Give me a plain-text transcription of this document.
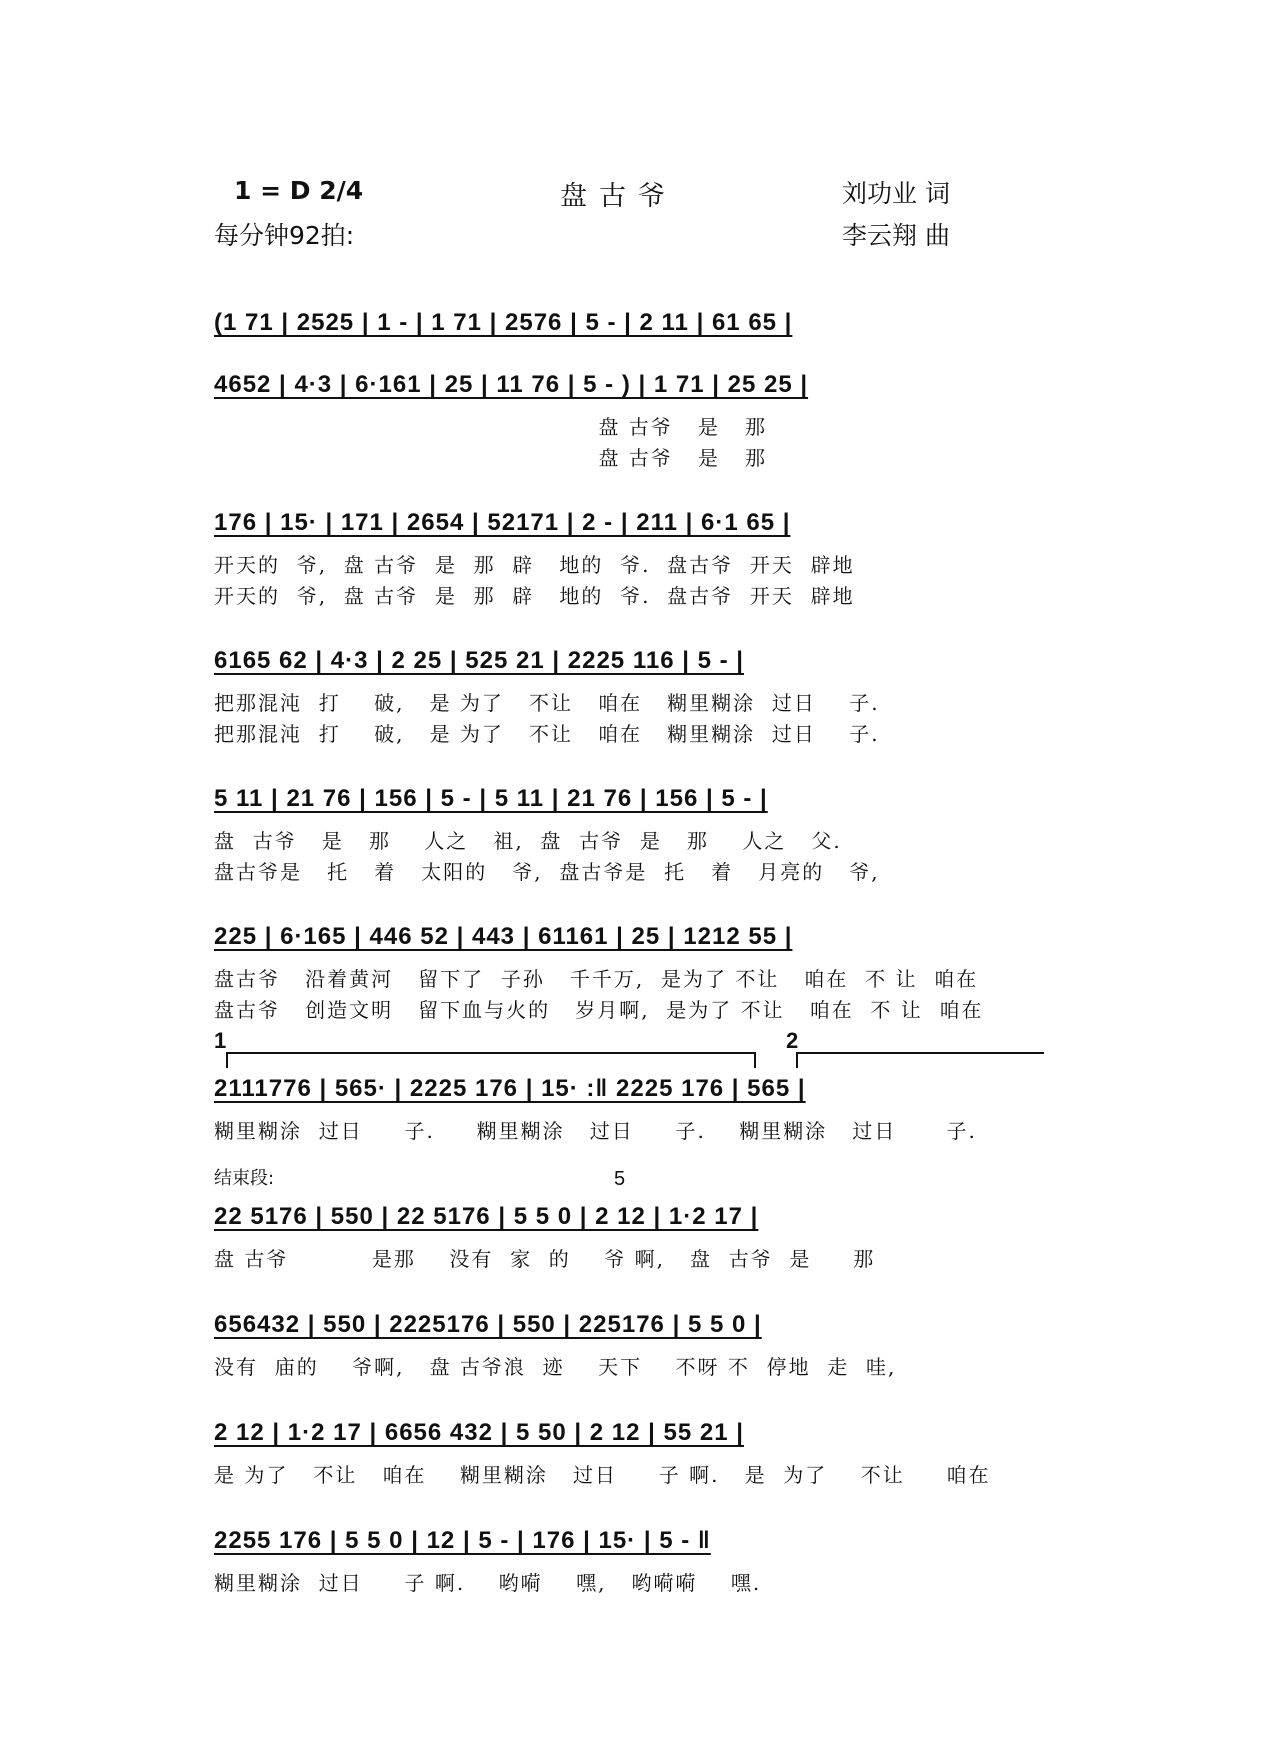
1 = D 2/4	盘古爷	刘功业 词
每分钟92拍:	李云翔 曲
(1 71 | 2525 | 1 - | 1 71 | 2576 | 5 - | 2 11 | 61 65 |
4652 | 4·3 | 6·161 | 25 | 11 76 | 5 - ) | 1 71 | 25 25 |
盘 古爷   是   那
盘 古爷   是   那
176 | 15· | 171 | 2654 | 52171 | 2 - | 211 | 6·1 65 |
开天的  爷,  盘 古爷  是  那  辟   地的  爷.  盘古爷  开天  辟地
开天的  爷,  盘 古爷  是  那  辟   地的  爷.  盘古爷  开天  辟地
6165 62 | 4·3 | 2 25 | 525 21 | 2225 116 | 5 - |
把那混沌  打    破,   是 为了   不让   咱在   糊里糊涂  过日    子.
把那混沌  打    破,   是 为了   不让   咱在   糊里糊涂  过日    子.
5 11 | 21 76 | 156 | 5 - | 5 11 | 21 76 | 156 | 5 - |
盘  古爷   是   那    人之   祖,  盘  古爷  是   那    人之   父.
盘古爷是   托   着   太阳的   爷,  盘古爷是  托   着   月亮的   爷,
225 | 6·165 | 446 52 | 443 | 61161 | 25 | 1212 55 |
盘古爷   沿着黄河   留下了  子孙   千千万,  是为了 不让   咱在  不 让  咱在
盘古爷   创造文明   留下血与火的   岁月啊,  是为了 不让   咱在  不 让  咱在
1	2
2111776 | 565· | 2225 176 | 15· :‖ 2225 176 | 565 |
糊里糊涂  过日     子.     糊里糊涂   过日     子.    糊里糊涂   过日      子.
结束段:	5
22 5176 | 550 | 22 5176 | 5 5 0 | 2 12 | 1·2 17 |
盘 古爷          是那    没有  家  的    爷 啊,   盘  古爷  是     那
656432 | 550 | 2225176 | 550 | 225176 | 5 5 0 |
没有  庙的    爷啊,   盘 古爷浪  迹    天下    不呀 不  停地  走  哇,
2 12 | 1·2 17 | 6656 432 | 5 50 | 2 12 | 55 21 |
是 为了   不让   咱在    糊里糊涂   过日     子 啊.   是  为了    不让     咱在
2255 176 | 5 5 0 | 12 | 5 - | 176 | 15· | 5 - ‖
糊里糊涂  过日     子 啊.    哟嗬    嘿,   哟嗬嗬    嘿.
